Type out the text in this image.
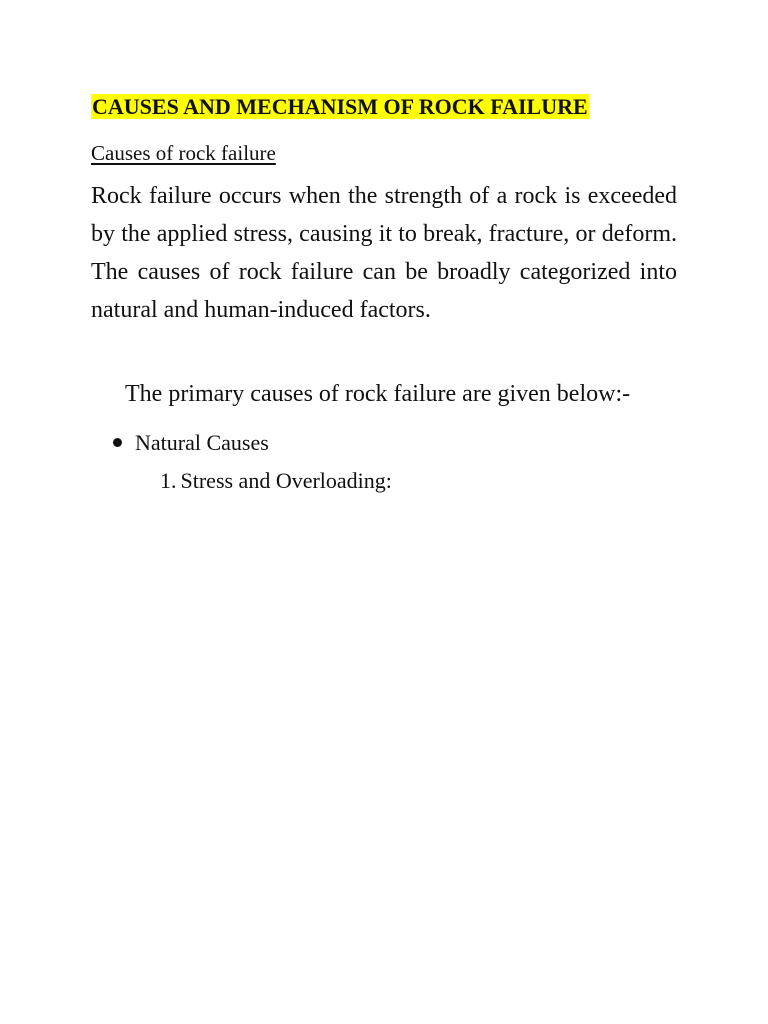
CAUSES AND MECHANISM OF ROCK FAILURE

Causes of rock failure

Rock failure occurs when the strength of a rock is exceeded by the applied stress, causing it to break, fracture, or deform. The causes of rock failure can be broadly categorized into natural and human-induced factors.

The primary causes of rock failure are given below:-

Natural Causes
1. Stress and Overloading:
